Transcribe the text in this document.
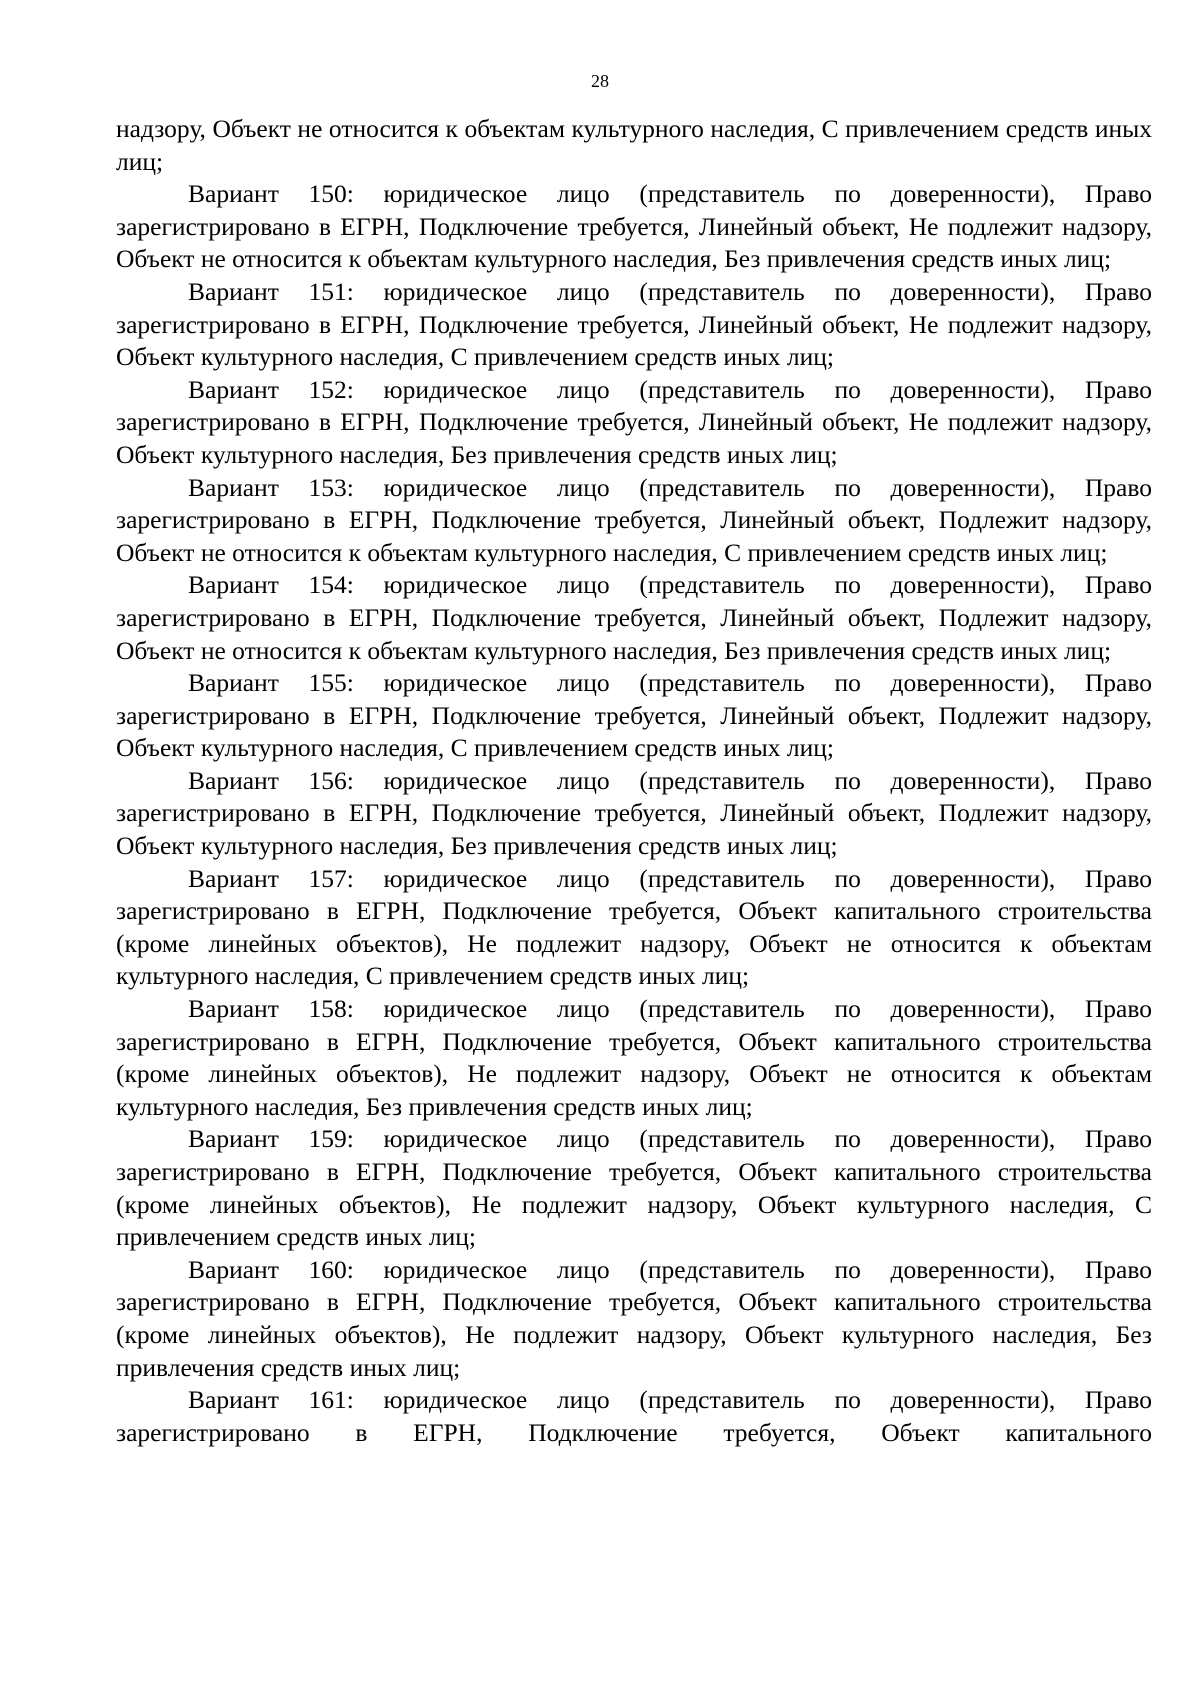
28

надзору, Объект не относится к объектам культурного наследия, С привлечением средств иных лиц;

Вариант 150: юридическое лицо (представитель по доверенности), Право зарегистрировано в ЕГРН, Подключение требуется, Линейный объект, Не подлежит надзору, Объект не относится к объектам культурного наследия, Без привлечения средств иных лиц;

Вариант 151: юридическое лицо (представитель по доверенности), Право зарегистрировано в ЕГРН, Подключение требуется, Линейный объект, Не подлежит надзору, Объект культурного наследия, С привлечением средств иных лиц;

Вариант 152: юридическое лицо (представитель по доверенности), Право зарегистрировано в ЕГРН, Подключение требуется, Линейный объект, Не подлежит надзору, Объект культурного наследия, Без привлечения средств иных лиц;

Вариант 153: юридическое лицо (представитель по доверенности), Право зарегистрировано в ЕГРН, Подключение требуется, Линейный объект, Подлежит надзору, Объект не относится к объектам культурного наследия, С привлечением средств иных лиц;

Вариант 154: юридическое лицо (представитель по доверенности), Право зарегистрировано в ЕГРН, Подключение требуется, Линейный объект, Подлежит надзору, Объект не относится к объектам культурного наследия, Без привлечения средств иных лиц;

Вариант 155: юридическое лицо (представитель по доверенности), Право зарегистрировано в ЕГРН, Подключение требуется, Линейный объект, Подлежит надзору, Объект культурного наследия, С привлечением средств иных лиц;

Вариант 156: юридическое лицо (представитель по доверенности), Право зарегистрировано в ЕГРН, Подключение требуется, Линейный объект, Подлежит надзору, Объект культурного наследия, Без привлечения средств иных лиц;

Вариант 157: юридическое лицо (представитель по доверенности), Право зарегистрировано в ЕГРН, Подключение требуется, Объект капитального строительства (кроме линейных объектов), Не подлежит надзору, Объект не относится к объектам культурного наследия, С привлечением средств иных лиц;

Вариант 158: юридическое лицо (представитель по доверенности), Право зарегистрировано в ЕГРН, Подключение требуется, Объект капитального строительства (кроме линейных объектов), Не подлежит надзору, Объект не относится к объектам культурного наследия, Без привлечения средств иных лиц;

Вариант 159: юридическое лицо (представитель по доверенности), Право зарегистрировано в ЕГРН, Подключение требуется, Объект капитального строительства (кроме линейных объектов), Не подлежит надзору, Объект культурного наследия, С привлечением средств иных лиц;

Вариант 160: юридическое лицо (представитель по доверенности), Право зарегистрировано в ЕГРН, Подключение требуется, Объект капитального строительства (кроме линейных объектов), Не подлежит надзору, Объект культурного наследия, Без привлечения средств иных лиц;

Вариант 161: юридическое лицо (представитель по доверенности), Право зарегистрировано в ЕГРН, Подключение требуется, Объект капитального
